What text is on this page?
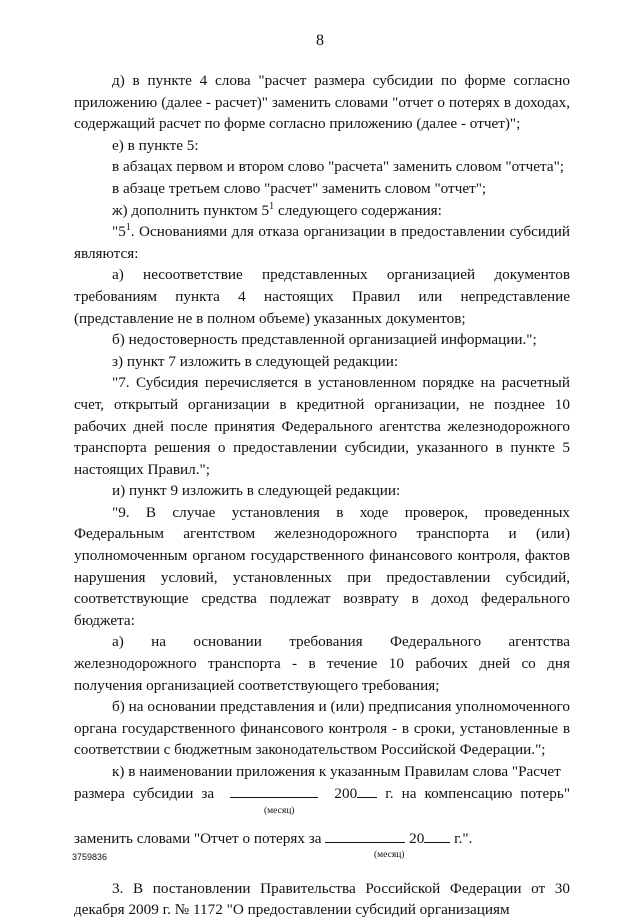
8
д) в пункте 4 слова "расчет размера субсидии по форме согласно приложению (далее - расчет)" заменить словами "отчет о потерях в доходах, содержащий расчет по форме согласно приложению (далее - отчет)";
е) в пункте 5:
в абзацах первом и втором слово "расчета" заменить словом "отчета";
в абзаце третьем слово "расчет" заменить словом "отчет";
ж) дополнить пунктом $5^1$ следующего содержания:
"$5^1$. Основаниями для отказа организации в предоставлении субсидий являются:
а) несоответствие представленных организацией документов требованиям пункта 4 настоящих Правил или непредставление (представление не в полном объеме) указанных документов;
б) недостоверность представленной организацией информации.";
з) пункт 7 изложить в следующей редакции:
"7. Субсидия перечисляется в установленном порядке на расчетный счет, открытый организации в кредитной организации, не позднее 10 рабочих дней после принятия Федерального агентства железнодорожного транспорта решения о предоставлении субсидии, указанного в пункте 5 настоящих Правил.";
и) пункт 9 изложить в следующей редакции:
"9. В случае установления в ходе проверок, проведенных Федеральным агентством железнодорожного транспорта и (или) уполномоченным органом государственного финансового контроля, фактов нарушения условий, установленных при предоставлении субсидий, соответствующие средства подлежат возврату в доход федерального бюджета:
а) на основании требования Федерального агентства железнодорожного транспорта - в течение 10 рабочих дней со дня получения организацией соответствующего требования;
б) на основании представления и (или) предписания уполномоченного органа государственного финансового контроля - в сроки, установленные в соответствии с бюджетным законодательством Российской Федерации.";
к) в наименовании приложения к указанным Правилам слова "Расчет
размера субсидии за	200 г. на компенсацию потерь"
(месяц)
заменить словами "Отчет о потерях за	20 г.".
(месяц)
3. В постановлении Правительства Российской Федерации от 30 декабря 2009 г. № 1172 "О предоставлении субсидий организациям
3759836
